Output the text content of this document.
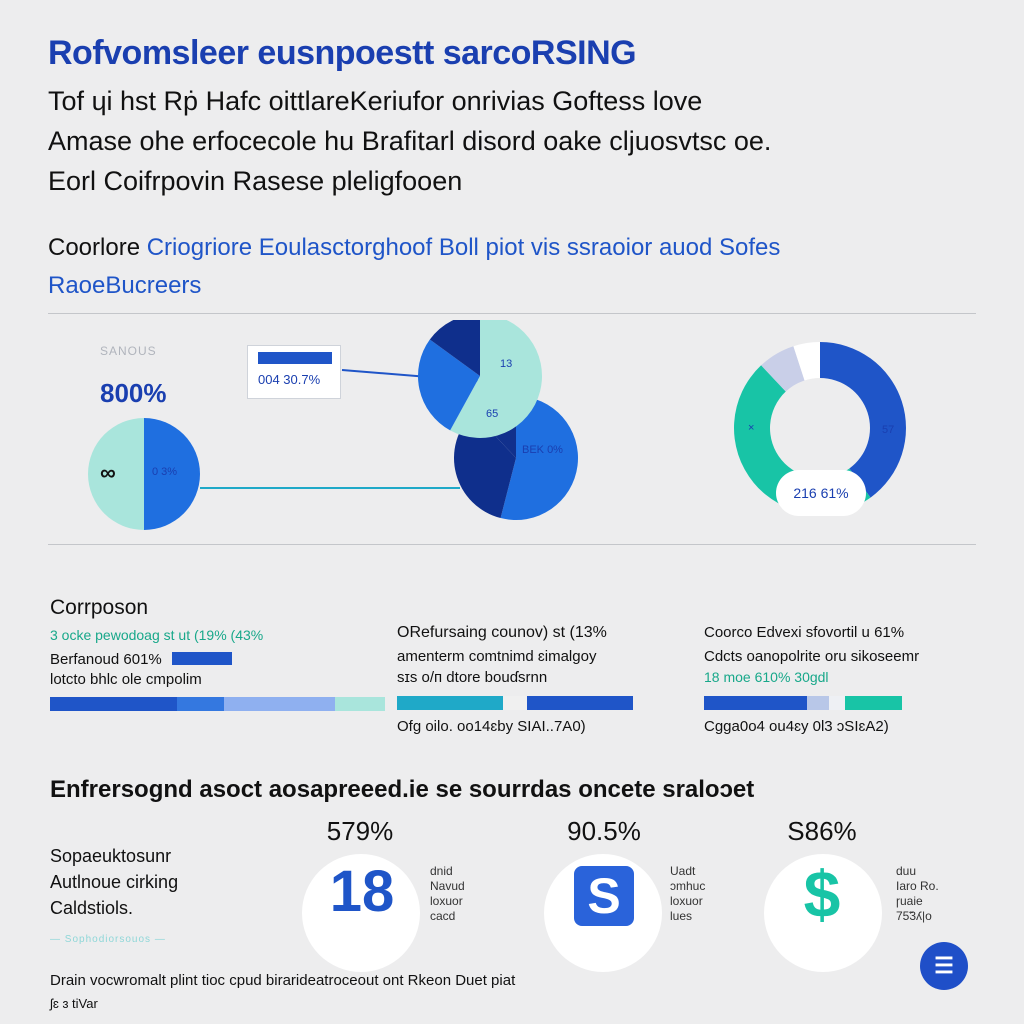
Rofvomsleer eusnpoestt sarcoRSING
Tof ɥi hst Rṗ Hafc oittlareKeriufor onrivias Goftess love
Amase ohe erfocecole hu Brafitarl disord oake cljuosvtsc oe.
Eorl Coifrpovin Rasese pleligfooen
Coorlore Criogriore Eoulasctorghoof Boll piot vis ssraoior auod Sofes
RaoeBucreers
SANOUS
800%
∞	0 3%
004 30.7%
13
65
BEK 0%
×	57
216 61%
Corrposon
3 ocke pewodoag st ut (19% (43%
Berfanoud 601%
lotcto bhlc ole cmpolim
ORefursaing counov) st (13%
amenterm comtnimd ɛimalgoy
sɪs o/п dtore bouɗsrnn
Ofg oilo. oo14ɛby SIAI..7A0)
Coorco Edvexi sfovortil u 61%
Cdcts oanopolrite oru sikoseemr
18 moe 610% 30gdl
Cgga0o4 ou4ɛy 0Ɩ3 ɔSIɛA2)
Enfrersognd asoct aosapreeed.ie se sourrdas oncete sraloɔet
Sopaeuktosunr
Autlnoue cirking
Caldstiols.
— Sophodiorsouos —
579%
18	dnid
Navud
loxuor
cacd
90.5%
S	Uadt
ɔmhuc
loxuor
lues
S86%
$	duu
Iaro Ro.
ɼuaie
75̃3ʎ|o
Drain vocwromalt plint tioc cpud birarideatroceout ont Rkeon Duet piat
ʃɛ ɜ tiVar
☰
